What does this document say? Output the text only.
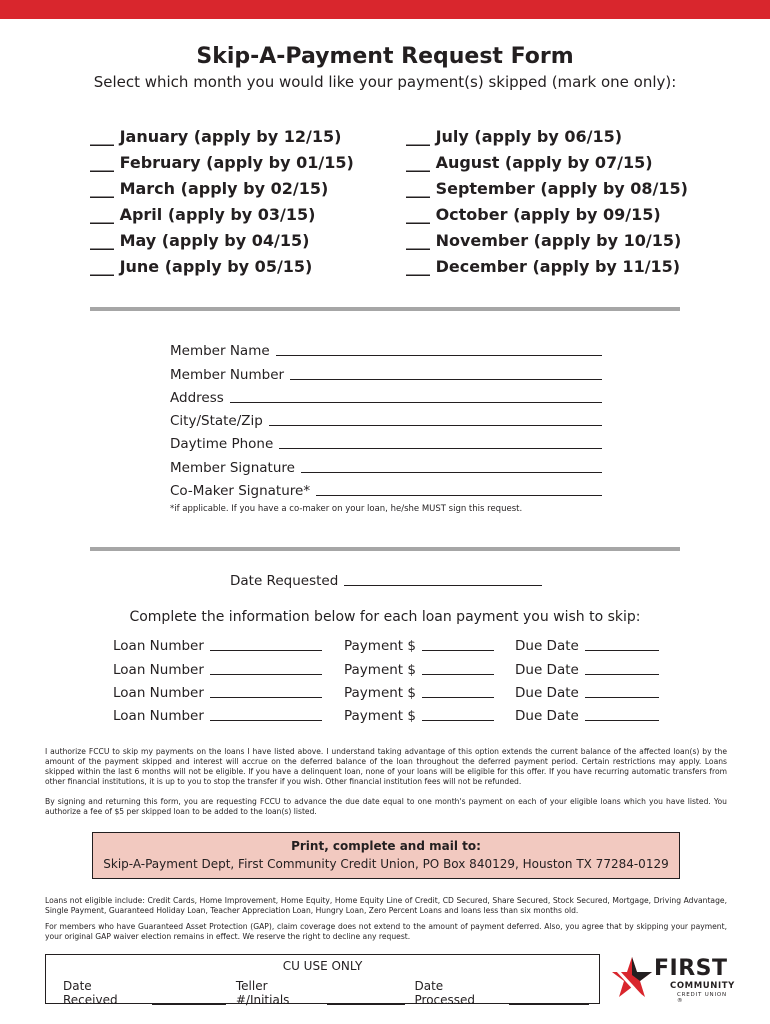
Skip-A-Payment Request Form
Select which month you would like your payment(s) skipped (mark one only):
___ January (apply by 12/15)
___ February (apply by 01/15)
___ March (apply by 02/15)
___ April (apply by 03/15)
___ May (apply by 04/15)
___ June (apply by 05/15)
___ July (apply by 06/15)
___ August (apply by 07/15)
___ September (apply by 08/15)
___ October (apply by 09/15)
___ November (apply by 10/15)
___ December (apply by 11/15)
Member Name
Member Number
Address
City/State/Zip
Daytime Phone
Member Signature
Co-Maker Signature*
*if applicable. If you have a co-maker on your loan, he/she MUST sign this request.
Date Requested
Complete the information below for each loan payment you wish to skip:
Loan Number	Payment $	Due Date
Loan Number	Payment $	Due Date
Loan Number	Payment $	Due Date
Loan Number	Payment $	Due Date
I authorize FCCU to skip my payments on the loans I have listed above. I understand taking advantage of this option extends the current balance of the affected loan(s) by the amount of the payment skipped and interest will accrue on the deferred balance of the loan throughout the deferred payment period. Certain restrictions may apply. Loans skipped within the last 6 months will not be eligible. If you have a delinquent loan, none of your loans will be eligible for this offer. If you have recurring automatic transfers from other financial institutions, it is up to you to stop the transfer if you wish. Other financial institution fees will not be refunded.
By signing and returning this form, you are requesting FCCU to advance the due date equal to one month's payment on each of your eligible loans which you have listed. You authorize a fee of $5 per skipped loan to be added to the loan(s) listed.
Print, complete and mail to:
Skip-A-Payment Dept, First Community Credit Union, PO Box 840129, Houston TX 77284-0129
Loans not eligible include: Credit Cards, Home Improvement, Home Equity, Home Equity Line of Credit, CD Secured, Share Secured, Stock Secured, Mortgage, Driving Advantage, Single Payment, Guaranteed Holiday Loan, Teacher Appreciation Loan, Hungry Loan, Zero Percent Loans and loans less than six months old.
For members who have Guaranteed Asset Protection (GAP), claim coverage does not extend to the amount of payment deferred. Also, you agree that by skipping your payment, your original GAP waiver election remains in effect. We reserve the right to decline any request.
CU USE ONLY
Date Received
Teller #/Initials
Date Processed
FIRST
COMMUNITY
CREDIT UNION ®
